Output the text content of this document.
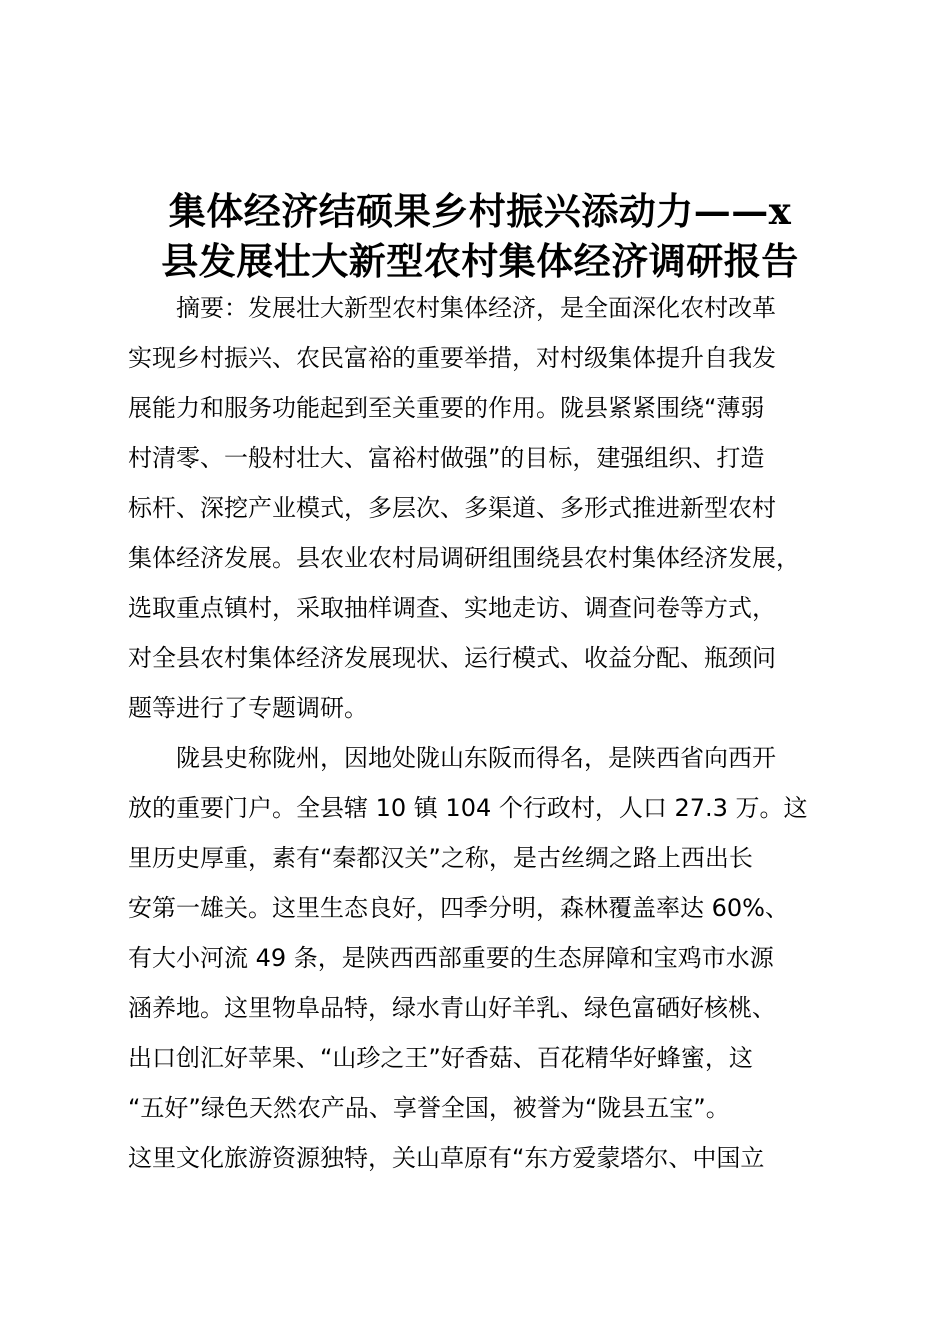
集体经济结硕果乡村振兴添动力——x
县发展壮大新型农村集体经济调研报告
摘要：发展壮大新型农村集体经济，是全面深化农村改革
实现乡村振兴、农民富裕的重要举措，对村级集体提升自我发
展能力和服务功能起到至关重要的作用。陇县紧紧围绕“薄弱
村清零、一般村壮大、富裕村做强”的目标，建强组织、打造
标杆、深挖产业模式，多层次、多渠道、多形式推进新型农村
集体经济发展。县农业农村局调研组围绕县农村集体经济发展，
选取重点镇村，采取抽样调查、实地走访、调查问卷等方式，
对全县农村集体经济发展现状、运行模式、收益分配、瓶颈问
题等进行了专题调研。
陇县史称陇州，因地处陇山东阪而得名，是陕西省向西开
放的重要门户。全县辖 10 镇 104 个行政村，人口 27.3 万。这
里历史厚重，素有“秦都汉关”之称，是古丝绸之路上西出长
安第一雄关。这里生态良好，四季分明，森林覆盖率达 60%、
有大小河流 49 条，是陕西西部重要的生态屏障和宝鸡市水源
涵养地。这里物阜品特，绿水青山好羊乳、绿色富硒好核桃、
出口创汇好苹果、“山珍之王”好香菇、百花精华好蜂蜜，这
“五好”绿色天然农产品、享誉全国，被誉为“陇县五宝”。
这里文化旅游资源独特，关山草原有“东方爱蒙塔尔、中国立
